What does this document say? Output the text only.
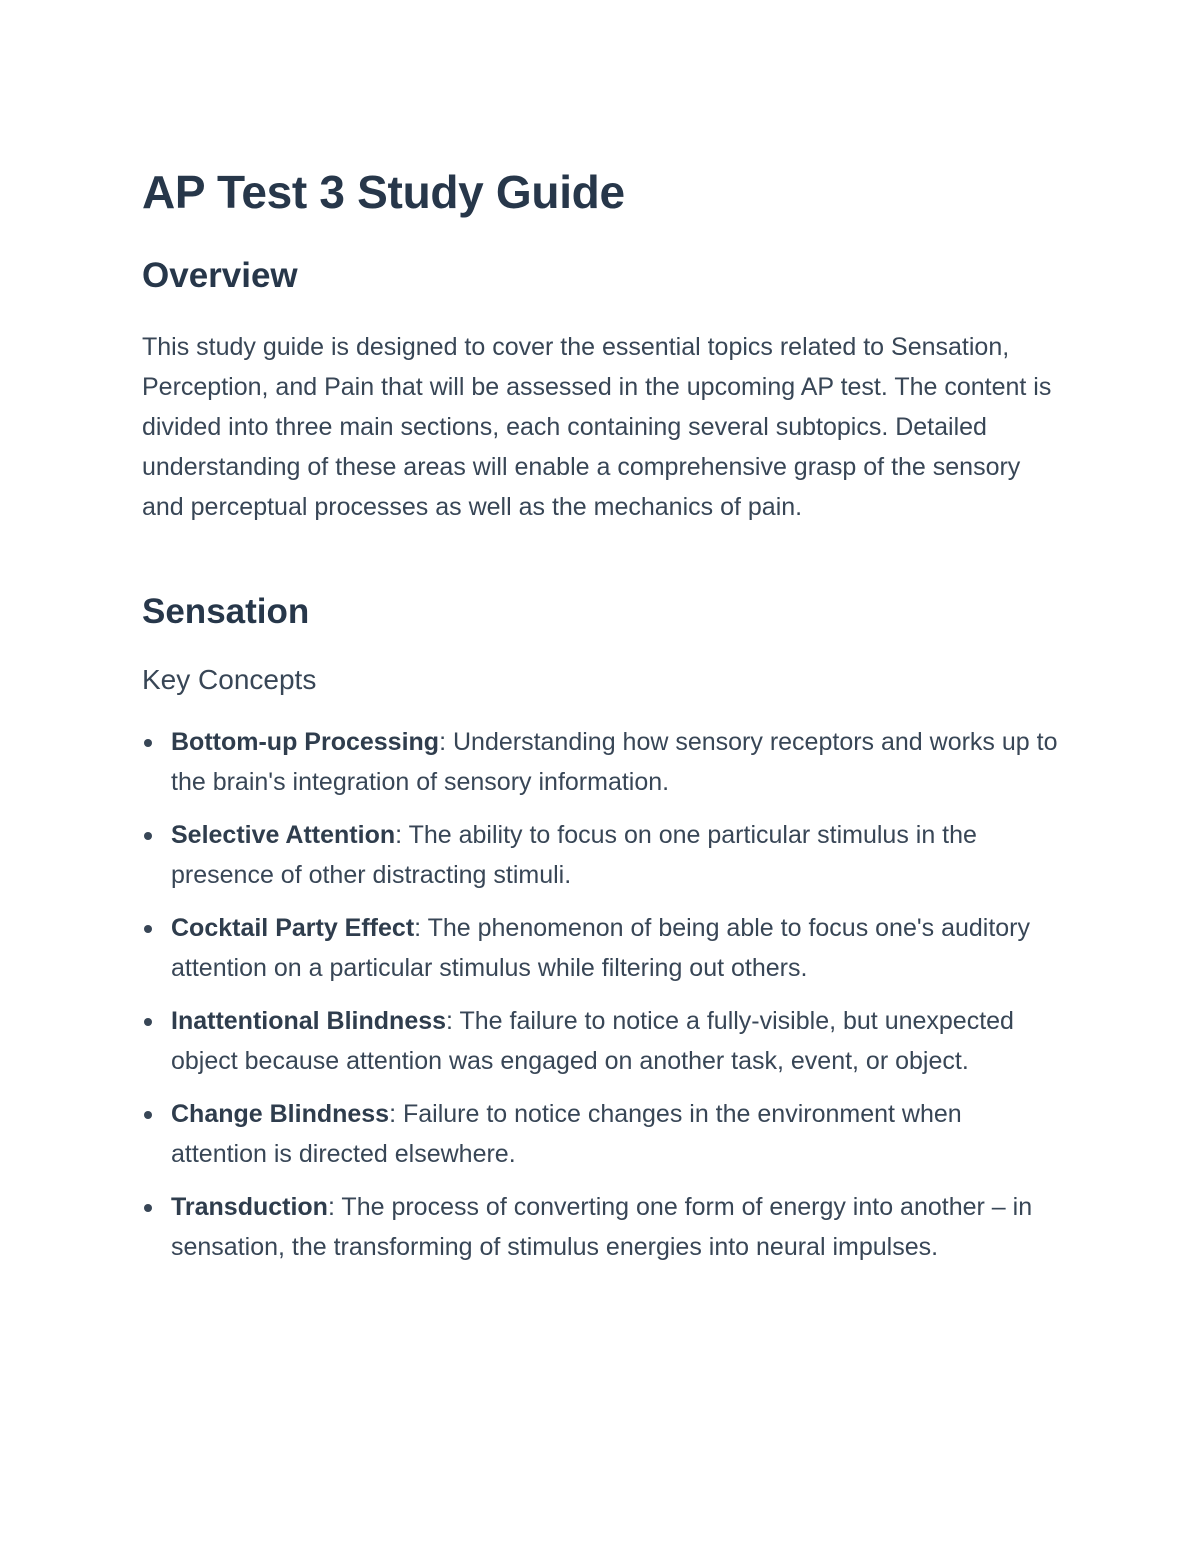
AP Test 3 Study Guide
Overview

This study guide is designed to cover the essential topics related to Sensation, Perception, and Pain that will be assessed in the upcoming AP test. The content is divided into three main sections, each containing several subtopics. Detailed understanding of these areas will enable a comprehensive grasp of the sensory and perceptual processes as well as the mechanics of pain.

Sensation
Key Concepts
Bottom-up Processing: Understanding how sensory receptors and works up to the brain's integration of sensory information.
Selective Attention: The ability to focus on one particular stimulus in the presence of other distracting stimuli.
Cocktail Party Effect: The phenomenon of being able to focus one's auditory attention on a particular stimulus while filtering out others.
Inattentional Blindness: The failure to notice a fully-visible, but unexpected object because attention was engaged on another task, event, or object.
Change Blindness: Failure to notice changes in the environment when attention is directed elsewhere.
Transduction: The process of converting one form of energy into another – in sensation, the transforming of stimulus energies into neural impulses.
